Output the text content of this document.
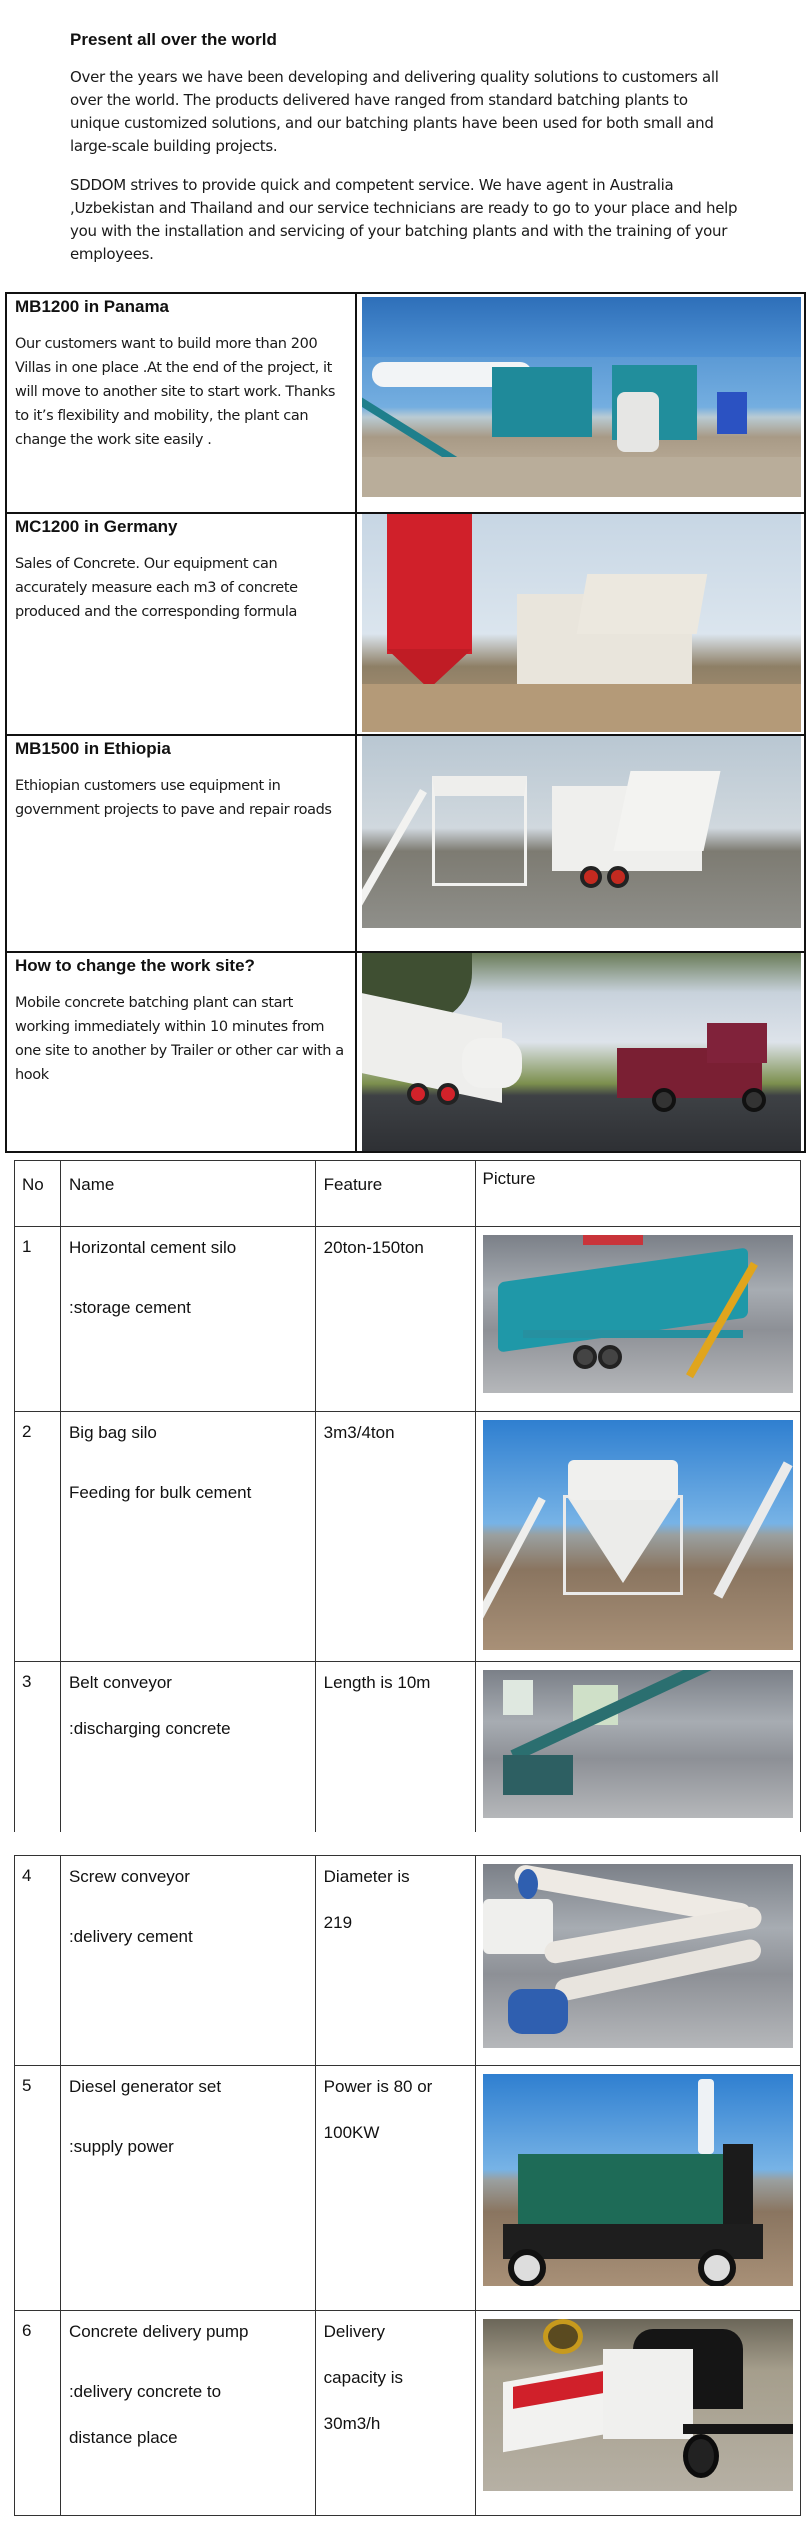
Present all over the world

Over the years we have been developing and delivering quality solutions to customers all over the world. The products delivered have ranged from standard batching plants to unique customized solutions, and our batching plants have been used for both small and large-scale building projects.

SDDOM strives to provide quick and competent service. We have agent in Australia ,Uzbekistan and Thailand and our service technicians are ready to go to your place and help you with the installation and servicing of your batching plants and with the training of your employees.

MB1200 in Panama

Our customers want to build more than 200 Villas in one place .At the end of the project, it will move to another site to start work. Thanks to it’s flexibility and mobility, the plant can change the work site easily .

MC1200 in Germany

Sales of Concrete. Our equipment can accurately measure each m3 of concrete produced and the corresponding formula

MB1500 in Ethiopia

Ethiopian customers use equipment in government projects to pave and repair roads

How to change the work site?

Mobile concrete batching plant can start working immediately within 10 minutes from one site to another by Trailer or other car with a hook

No	Name	Feature	Picture
1	Horizontal cement silo
:storage cement	20ton-150ton	

2	Big bag silo
Feeding for bulk cement	3m3/4ton	

3	Belt conveyor
:discharging concrete	Length is 10m	

4	Screw conveyor
:delivery cement	Diameter is
219	

5	Diesel generator set
:supply power	Power is 80 or
100KW	

6	Concrete delivery pump
:delivery concrete to
distance place	Delivery
capacity is
30m3/h	
